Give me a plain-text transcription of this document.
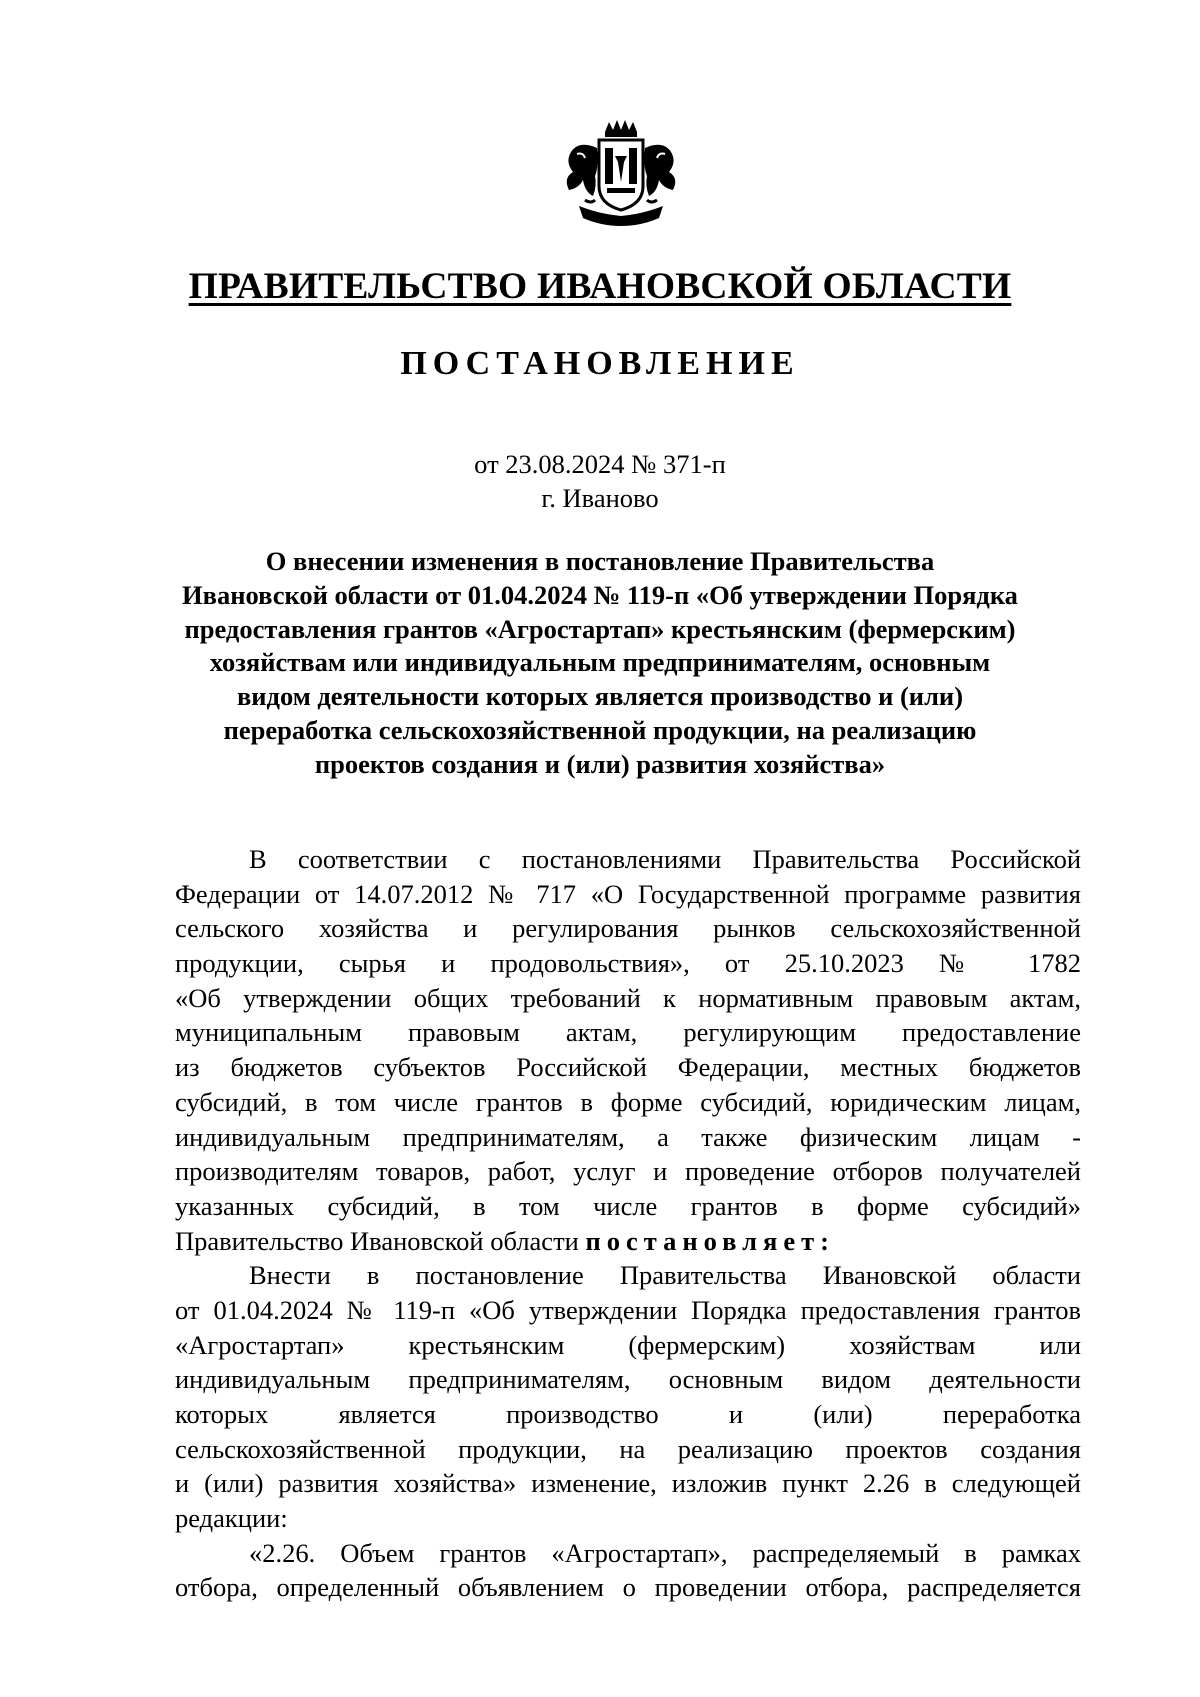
ПРАВИТЕЛЬСТВО ИВАНОВСКОЙ ОБЛАСТИ
ПОСТАНОВЛЕНИЕ
от 23.08.2024 № 371-п
г. Иваново
О внесении изменения в постановление Правительства
Ивановской области от 01.04.2024 № 119-п «Об утверждении Порядка
предоставления грантов «Агростартап» крестьянским (фермерским)
хозяйствам или индивидуальным предпринимателям, основным
видом деятельности которых является производство и (или)
переработка сельскохозяйственной продукции, на реализацию
проектов создания и (или) развития хозяйства»
В соответствии с постановлениями Правительства Российской
Федерации от 14.07.2012 № 717 «О Государственной программе развития
сельского хозяйства и регулирования рынков сельскохозяйственной
продукции, сырья и продовольствия», от 25.10.2023 № 1782
«Об утверждении общих требований к нормативным правовым актам,
муниципальным правовым актам, регулирующим предоставление
из бюджетов субъектов Российской Федерации, местных бюджетов
субсидий, в том числе грантов в форме субсидий, юридическим лицам,
индивидуальным предпринимателям, а также физическим лицам -
производителям товаров, работ, услуг и проведение отборов получателей
указанных субсидий, в том числе грантов в форме субсидий»
Правительство Ивановской области постановляет:
Внести в постановление Правительства Ивановской области
от 01.04.2024 № 119-п «Об утверждении Порядка предоставления грантов
«Агростартап» крестьянским (фермерским) хозяйствам или
индивидуальным предпринимателям, основным видом деятельности
которых является производство и (или) переработка
сельскохозяйственной продукции, на реализацию проектов создания
и (или) развития хозяйства» изменение, изложив пункт 2.26 в следующей
редакции:
«2.26. Объем грантов «Агростартап», распределяемый в рамках
отбора, определенный объявлением о проведении отбора, распределяется
